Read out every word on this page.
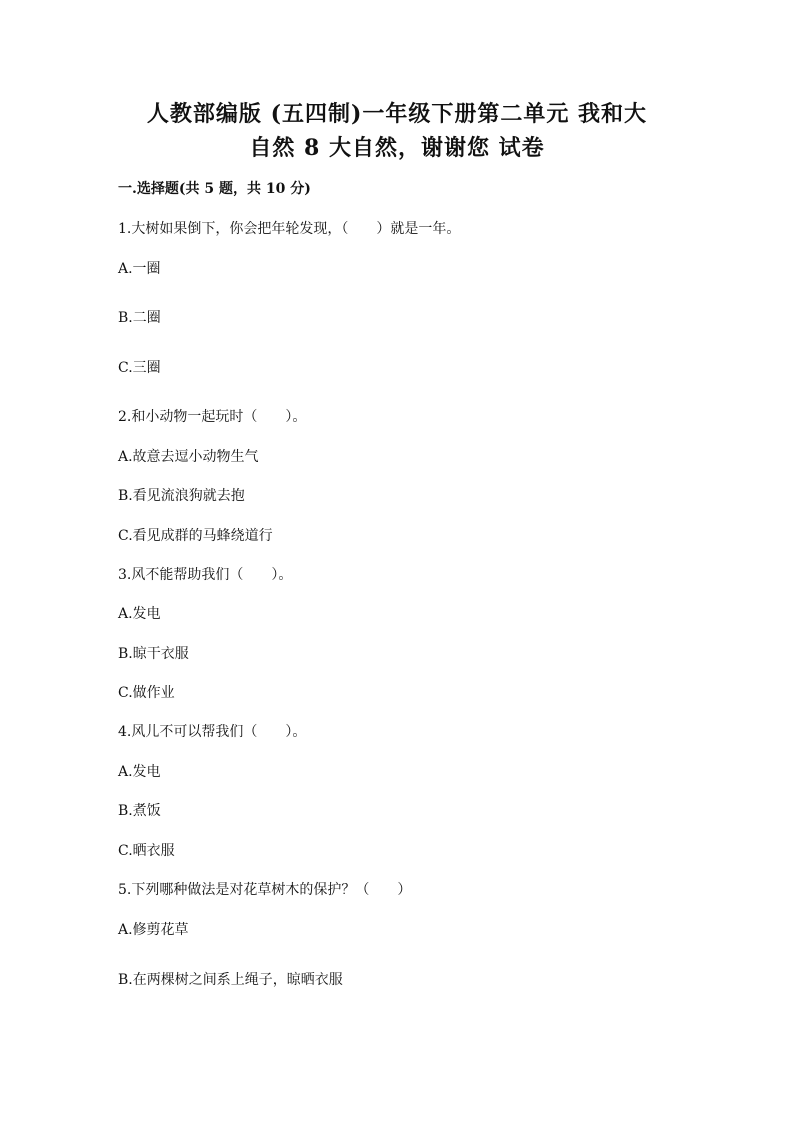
人教部编版 (五四制)一年级下册第二单元 我和大
自然 8 大自然，谢谢您 试卷
一.选择题(共 5 题，共 10 分)
1.大树如果倒下，你会把年轮发现，（　　）就是一年。
A.一圈
B.二圈
C.三圈
2.和小动物一起玩时（　　）。
A.故意去逗小动物生气
B.看见流浪狗就去抱
C.看见成群的马蜂绕道行
3.风不能帮助我们（　　）。
A.发电
B.晾干衣服
C.做作业
4.风儿不可以帮我们（　　）。
A.发电
B.煮饭
C.晒衣服
5.下列哪种做法是对花草树木的保护？（　　）
A.修剪花草
B.在两棵树之间系上绳子，晾晒衣服
